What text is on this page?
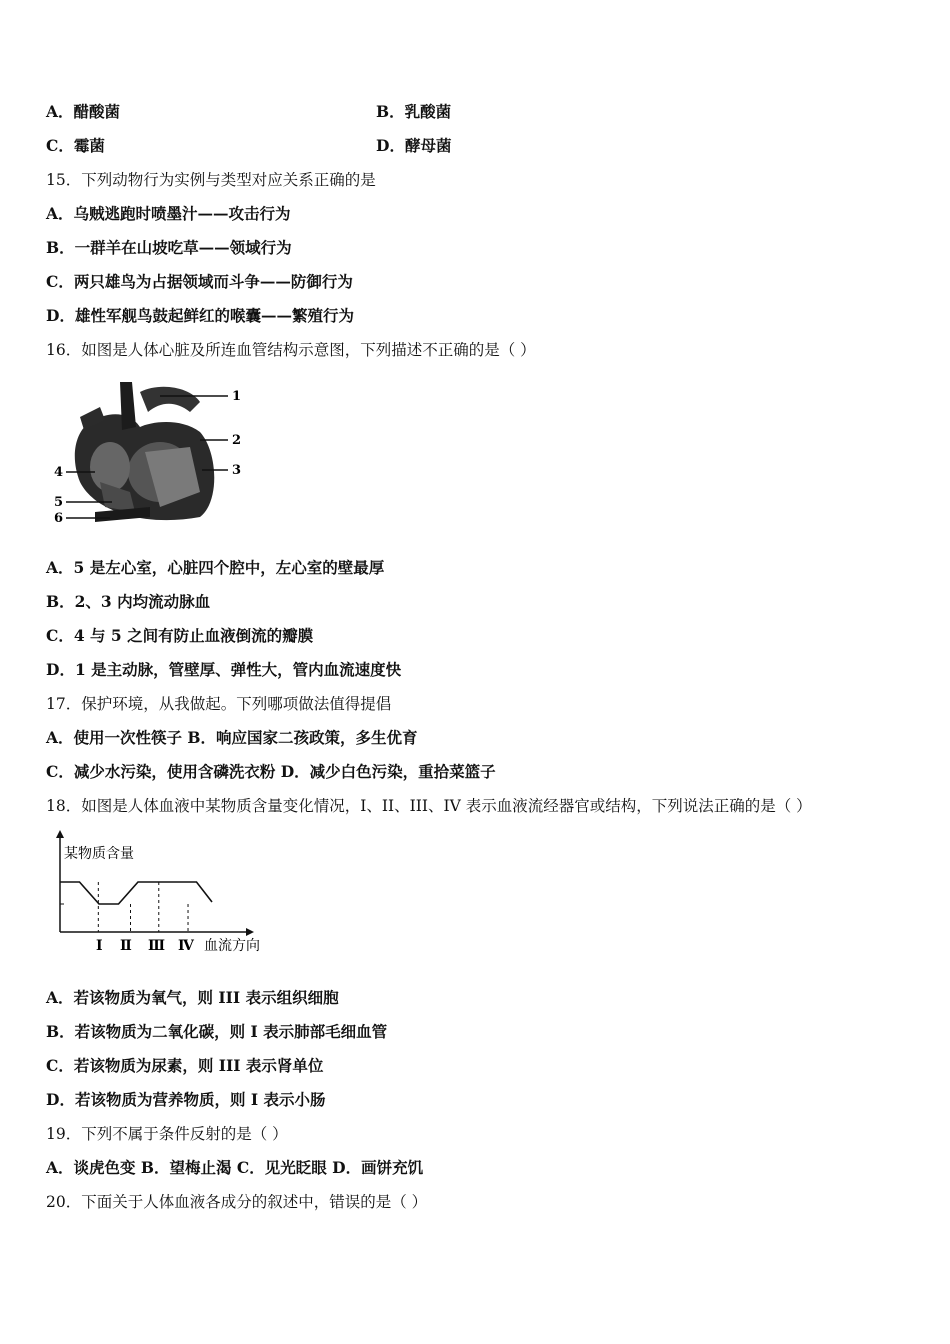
A．醋酸菌	B．乳酸菌
C．霉菌	D．酵母菌
15．下列动物行为实例与类型对应关系正确的是
A．乌贼逃跑时喷墨汁——攻击行为
B．一群羊在山坡吃草——领域行为
C．两只雄鸟为占据领域而斗争——防御行为
D．雄性军舰鸟鼓起鲜红的喉囊——繁殖行为
16．如图是人体心脏及所连血管结构示意图，下列描述不正确的是（ ）
1
2
3
4
5
6
A．5 是左心室，心脏四个腔中，左心室的壁最厚
B．2、3 内均流动脉血
C．4 与 5 之间有防止血液倒流的瓣膜
D．1 是主动脉，管壁厚、弹性大，管内血流速度快
17．保护环境，从我做起。下列哪项做法值得提倡
A．使用一次性筷子 B．响应国家二孩政策，多生优育
C．减少水污染，使用含磷洗衣粉 D．减少白色污染，重拾菜篮子
18．如图是人体血液中某物质含量变化情况，I、II、III、IV 表示血液流经器官或结构，下列说法正确的是（ ）
某物质含量
血流方向
Ⅰ Ⅱ Ⅲ Ⅳ
A．若该物质为氧气，则 III 表示组织细胞
B．若该物质为二氧化碳，则 I 表示肺部毛细血管
C．若该物质为尿素，则 III 表示肾单位
D．若该物质为营养物质，则 I 表示小肠
19．下列不属于条件反射的是（ ）
A．谈虎色变 B．望梅止渴 C．见光眨眼 D．画饼充饥
20．下面关于人体血液各成分的叙述中，错误的是（ ）
